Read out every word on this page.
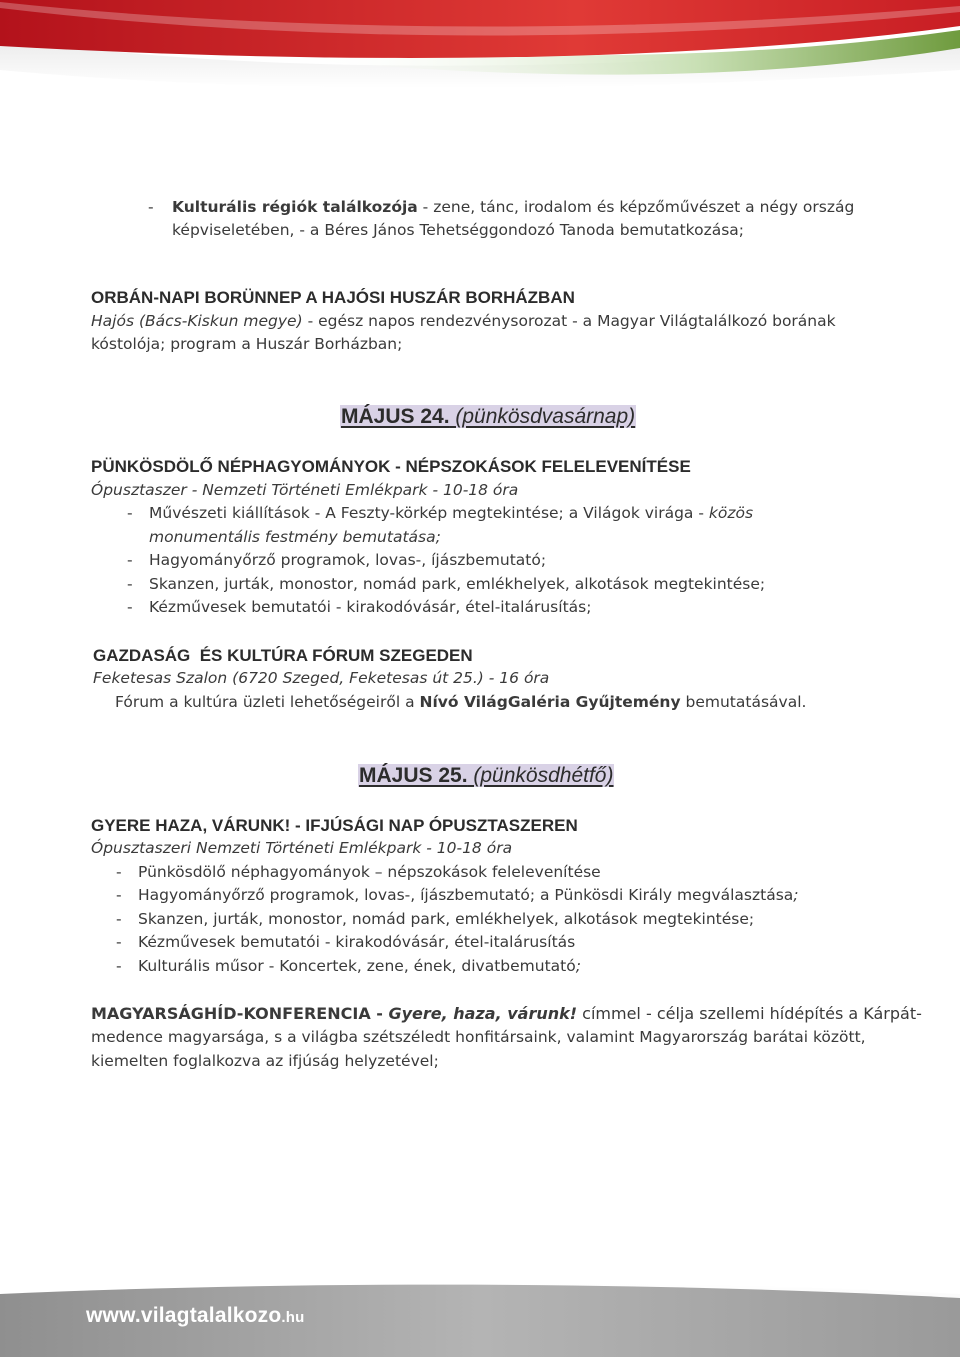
- Kulturális régiók találkozója - zene, tánc, irodalom és képzőművészet a négy ország
képviseletében, - a Béres János Tehetséggondozó Tanoda bemutatkozása;
ORBÁN-NAPI BORÜNNEP A HAJÓSI HUSZÁR BORHÁZBAN
Hajós (Bács-Kiskun megye) - egész napos rendezvénysorozat - a Magyar Világtalálkozó borának
kóstolója; program a Huszár Borházban;
MÁJUS 24. (pünkösdvasárnap)
PÜNKÖSDÖLŐ NÉPHAGYOMÁNYOK - NÉPSZOKÁSOK FELELEVENÍTÉSE
Ópusztaszer - Nemzeti Történeti Emlékpark - 10-18 óra
- Művészeti kiállítások - A Feszty-körkép megtekintése; a Világok virága - közös
monumentális festmény bemutatása;
- Hagyományőrző programok, lovas-, íjászbemutató;
- Skanzen, jurták, monostor, nomád park, emlékhelyek, alkotások megtekintése;
- Kézművesek bemutatói - kirakodóvásár, étel-italárusítás;
GAZDASÁG  ÉS KULTÚRA FÓRUM SZEGEDEN
Feketesas Szalon (6720 Szeged, Feketesas út 25.) - 16 óra
Fórum a kultúra üzleti lehetőségeiről a Nívó VilágGaléria Gyűjtemény bemutatásával.
MÁJUS 25. (pünkösdhétfő)
GYERE HAZA, VÁRUNK! - IFJÚSÁGI NAP ÓPUSZTASZEREN
Ópusztaszeri Nemzeti Történeti Emlékpark - 10-18 óra
- Pünkösdölő néphagyományok – népszokások felelevenítése
- Hagyományőrző programok, lovas-, íjászbemutató; a Pünkösdi Király megválasztása;
- Skanzen, jurták, monostor, nomád park, emlékhelyek, alkotások megtekintése;
- Kézművesek bemutatói - kirakodóvásár, étel-italárusítás
- Kulturális műsor - Koncertek, zene, ének, divatbemutató;
MAGYARSÁGHÍD-KONFERENCIA - Gyere, haza, várunk! címmel - célja szellemi hídépítés a Kárpát-
medence magyarsága, s a világba szétszéledt honfitársaink, valamint Magyarország barátai között,
kiemelten foglalkozva az ifjúság helyzetével;
www.vilagtalalkozo.hu
